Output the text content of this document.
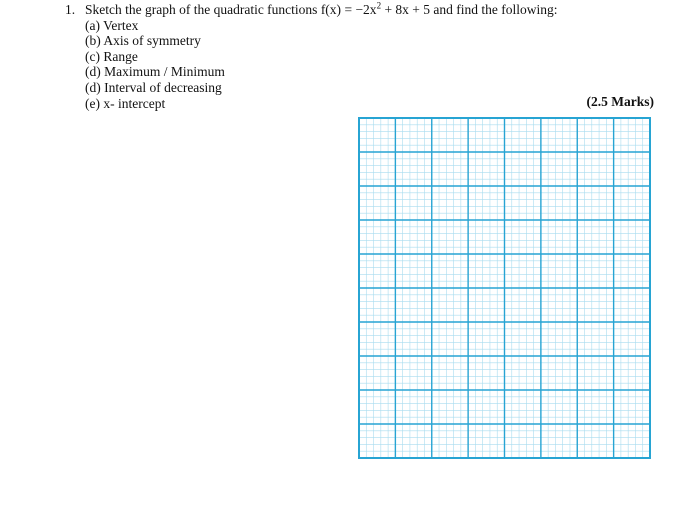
1. Sketch the graph of the quadratic functions $f(x) = -2x^2 + 8x + 5$ and find the following:
(a) Vertex
(b) Axis of symmetry
(c) Range
(d) Maximum / Minimum
(d) Interval of decreasing
(e) x- intercept	(2.5 Marks)
